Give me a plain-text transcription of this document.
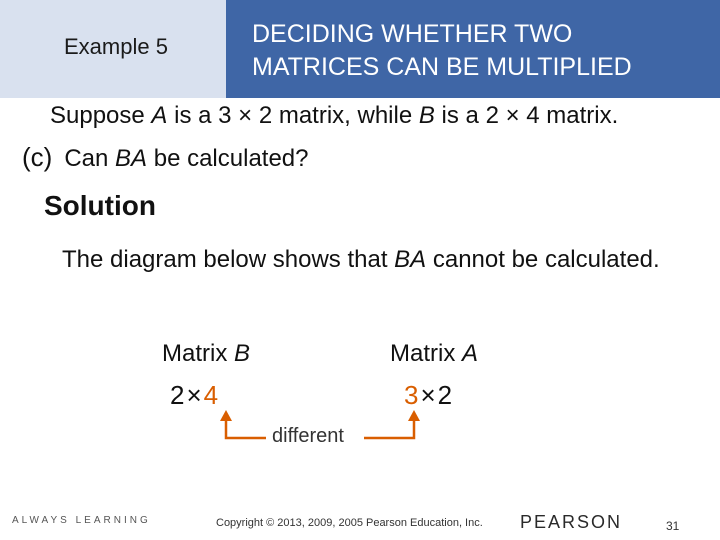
Example 5	DECIDING WHETHER TWO
MATRICES CAN BE MULTIPLIED
Suppose A is a 3 × 2 matrix, while B is a 2 × 4 matrix.
(c) Can BA be calculated?
Solution
The diagram below shows that BA cannot be calculated.
Matrix B	Matrix A
2×4	3×2
different
ALWAYS LEARNING	Copyright © 2013, 2009, 2005 Pearson Education, Inc. PEARSON	31
